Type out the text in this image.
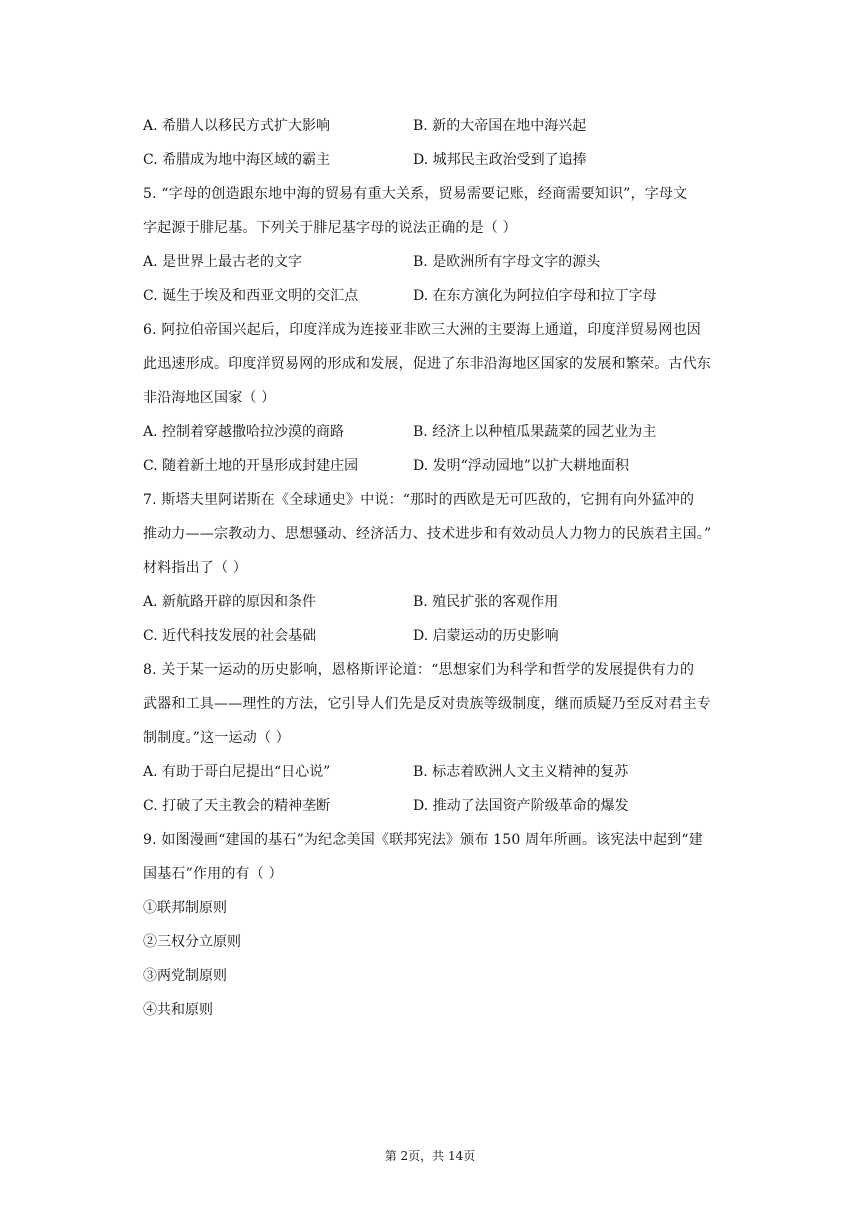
A. 希腊人以移民方式扩大影响	B. 新的大帝国在地中海兴起
C. 希腊成为地中海区域的霸主	D. 城邦民主政治受到了追捧
5. “字母的创造跟东地中海的贸易有重大关系，贸易需要记账，经商需要知识”，字母文
字起源于腓尼基。下列关于腓尼基字母的说法正确的是（ ）
A. 是世界上最古老的文字	B. 是欧洲所有字母文字的源头
C. 诞生于埃及和西亚文明的交汇点	D. 在东方演化为阿拉伯字母和拉丁字母
6. 阿拉伯帝国兴起后，印度洋成为连接亚非欧三大洲的主要海上通道，印度洋贸易网也因
此迅速形成。印度洋贸易网的形成和发展，促进了东非沿海地区国家的发展和繁荣。古代东
非沿海地区国家（ ）
A. 控制着穿越撒哈拉沙漠的商路	B. 经济上以种植瓜果蔬菜的园艺业为主
C. 随着新土地的开垦形成封建庄园	D. 发明“浮动园地”以扩大耕地面积
7. 斯塔夫里阿诺斯在《全球通史》中说：“那时的西欧是无可匹敌的，它拥有向外猛冲的
推动力——宗教动力、思想骚动、经济活力、技术进步和有效动员人力物力的民族君主国。”
材料指出了（ ）
A. 新航路开辟的原因和条件	B. 殖民扩张的客观作用
C. 近代科技发展的社会基础	D. 启蒙运动的历史影响
8. 关于某一运动的历史影响，恩格斯评论道：“思想家们为科学和哲学的发展提供有力的
武器和工具——理性的方法，它引导人们先是反对贵族等级制度，继而质疑乃至反对君主专
制制度。”这一运动（ ）
A. 有助于哥白尼提出“日心说”	B. 标志着欧洲人文主义精神的复苏
C. 打破了天主教会的精神垄断	D. 推动了法国资产阶级革命的爆发
9. 如图漫画“建国的基石”为纪念美国《联邦宪法》颁布 150 周年所画。该宪法中起到“建
国基石”作用的有（ ）
①联邦制原则
②三权分立原则
③两党制原则
④共和原则
第 2页，共 14页
